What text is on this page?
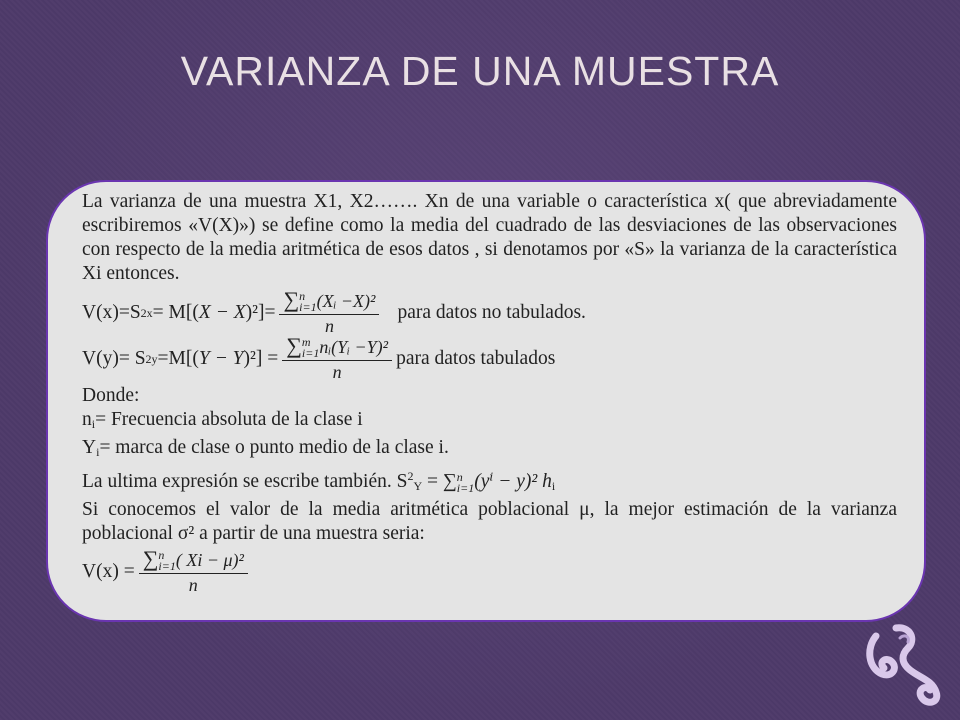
VARIANZA DE UNA MUESTRA

La varianza de una muestra X1, X2……. Xn de una variable o característica x( que abreviadamente escribiremos «V(X)») se define como la media del cuadrado de las desviaciones de las observaciones con respecto de la media aritmética de esos datos , si denotamos por «S» la varianza de la característica Xi entonces.

V(x)=S 2 x = M[( X − X )²]=
∑n
i=1(Xᵢ −X)²
n
para datos no tabulados.
V(y)= S 2 y =M[( Y − Y )²] =
∑m
i=1nᵢ(Yᵢ −Y)²
n
para datos tabulados

Donde:

$n_i=$ Frecuencia absoluta de la clase i

$Y_i=$ marca de clase o punto medio de la clase i.

La ultima expresión se escribe también. $S^2_Y = \sum n$
i=1(yⁱ − y)² $h_i$

Si conocemos el valor de la media aritmética poblacional μ, la mejor estimación de la varianza poblacional σ² a partir de una muestra seria:

V(x) =
∑n
i=1( Xi − μ)²
n
